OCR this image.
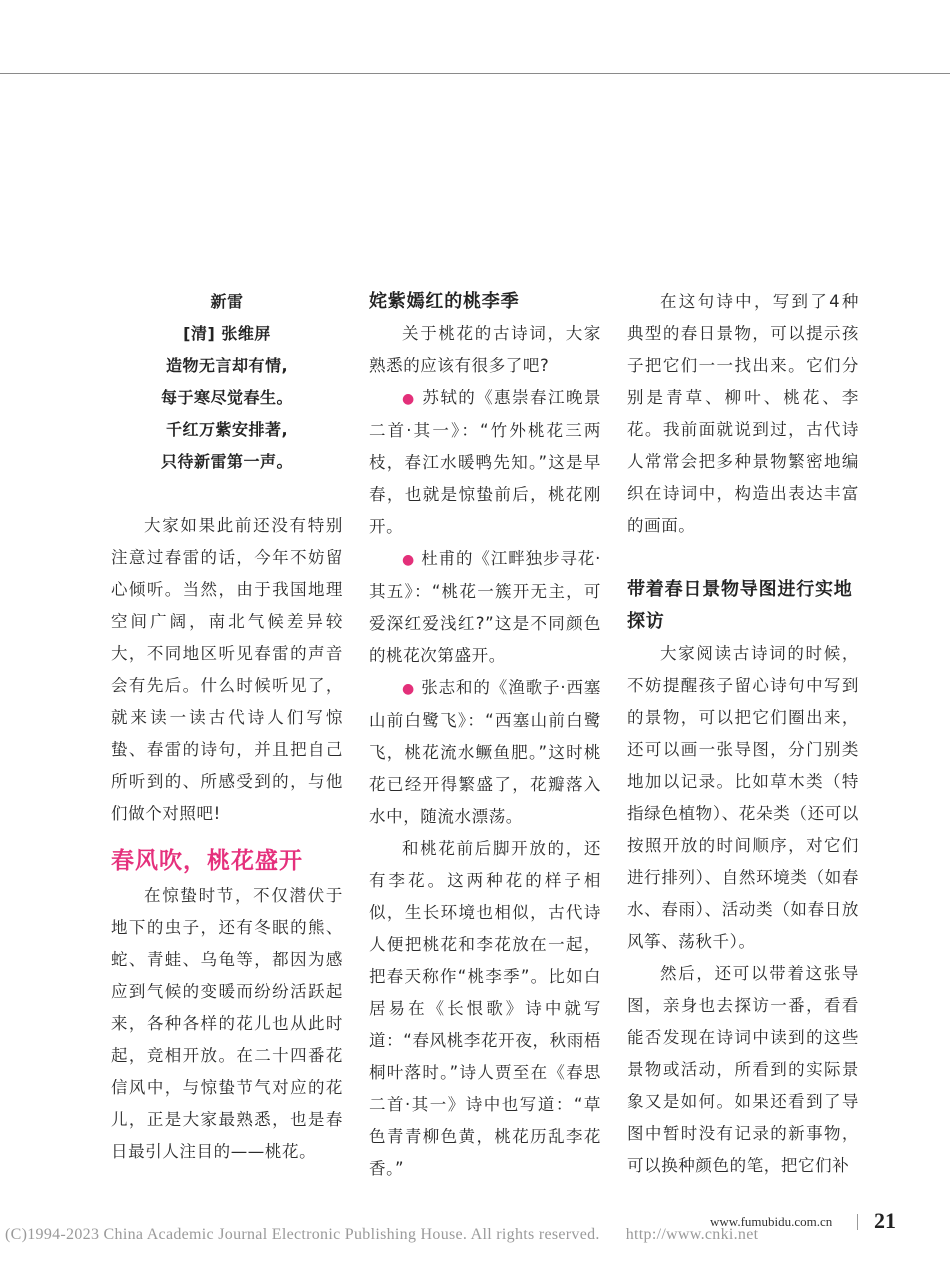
新雷
[清] 张维屏
造物无言却有情,
每于寒尽觉春生。
千红万紫安排著,
只待新雷第一声。

大家如果此前还没有特别注意过春雷的话，今年不妨留心倾听。当然，由于我国地理空间广阔，南北气候差异较大，不同地区听见春雷的声音会有先后。什么时候听见了，就来读一读古代诗人们写惊蛰、春雷的诗句，并且把自己所听到的、所感受到的，与他们做个对照吧!

春风吹，桃花盛开

在惊蛰时节，不仅潜伏于地下的虫子，还有冬眠的熊、蛇、青蛙、乌龟等，都因为感应到气候的变暖而纷纷活跃起来，各种各样的花儿也从此时起，竞相开放。在二十四番花信风中，与惊蛰节气对应的花儿，正是大家最熟悉，也是春日最引人注目的——桃花。

姹紫嫣红的桃李季

关于桃花的古诗词，大家熟悉的应该有很多了吧?

● 苏轼的《惠崇春江晚景二首·其一》：“竹外桃花三两枝，春江水暖鸭先知。”这是早春，也就是惊蛰前后，桃花刚开。

● 杜甫的《江畔独步寻花·其五》：“桃花一簇开无主，可爱深红爱浅红?”这是不同颜色的桃花次第盛开。

● 张志和的《渔歌子·西塞山前白鹭飞》：“西塞山前白鹭飞，桃花流水鳜鱼肥。”这时桃花已经开得繁盛了，花瓣落入水中，随流水漂荡。

和桃花前后脚开放的，还有李花。这两种花的样子相似，生长环境也相似，古代诗人便把桃花和李花放在一起，把春天称作“桃李季”。比如白居易在《长恨歌》诗中就写道：“春风桃李花开夜，秋雨梧桐叶落时。”诗人贾至在《春思二首·其一》诗中也写道：“草色青青柳色黄，桃花历乱李花香。”

在这句诗中，写到了4种典型的春日景物，可以提示孩子把它们一一找出来。它们分别是青草、柳叶、桃花、李花。我前面就说到过，古代诗人常常会把多种景物繁密地编织在诗词中，构造出表达丰富的画面。

带着春日景物导图进行实地探访

大家阅读古诗词的时候，不妨提醒孩子留心诗句中写到的景物，可以把它们圈出来，还可以画一张导图，分门别类地加以记录。比如草木类（特指绿色植物）、花朵类（还可以按照开放的时间顺序，对它们进行排列）、自然环境类（如春水、春雨）、活动类（如春日放风筝、荡秋千）。

然后，还可以带着这张导图，亲身也去探访一番，看看能否发现在诗词中读到的这些景物或活动，所看到的实际景象又是如何。如果还看到了导图中暂时没有记录的新事物，可以换种颜色的笔，把它们补

www.fumubidu.com.cn 21
(C)1994-2023 China Academic Journal Electronic Publishing House. All rights reserved. http://www.cnki.net
